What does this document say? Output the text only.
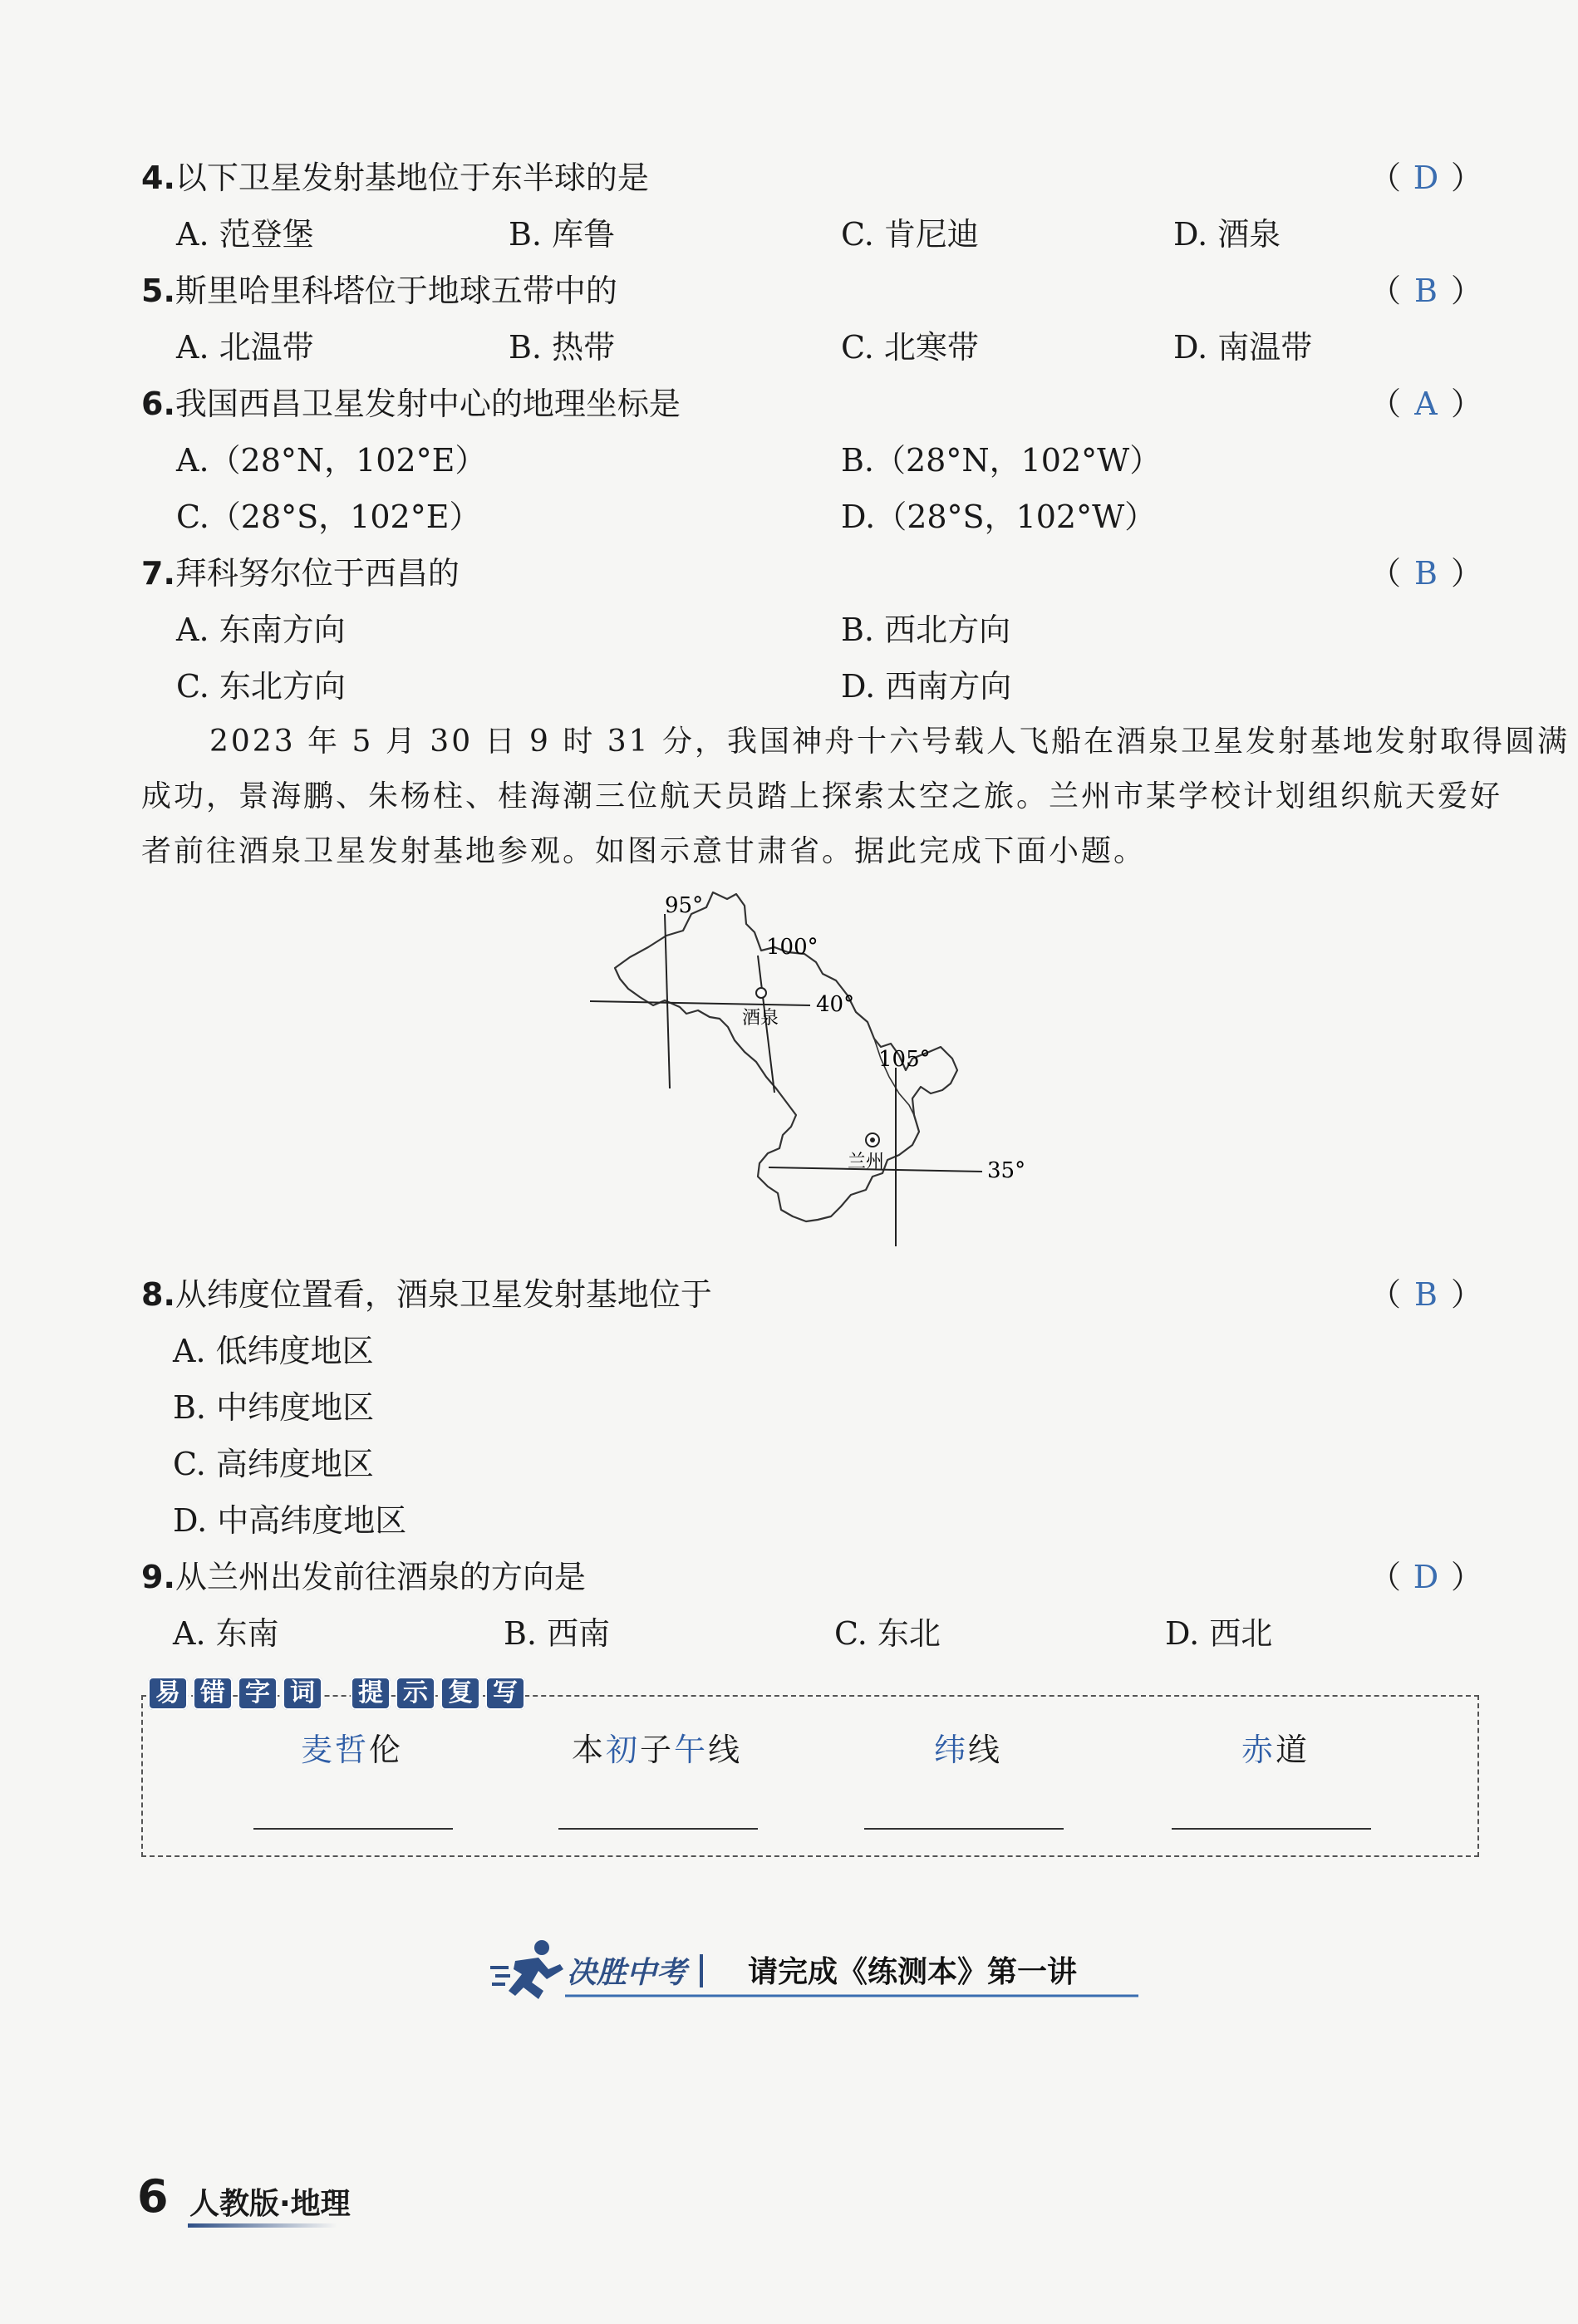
4.以下卫星发射基地位于东半球的是	（ D ）
A. 范登堡	B. 库鲁	C. 肯尼迪	D. 酒泉
5.斯里哈里科塔位于地球五带中的	（ B ）
A. 北温带	B. 热带	C. 北寒带	D. 南温带
6.我国西昌卫星发射中心的地理坐标是	（ A ）
A.（28°N，102°E）	B.（28°N，102°W）
C.（28°S，102°E）	D.（28°S，102°W）
7.拜科努尔位于西昌的	（ B ）
A. 东南方向	B. 西北方向
C. 东北方向	D. 西南方向
2023 年 5 月 30 日 9 时 31 分，我国神舟十六号载人飞船在酒泉卫星发射基地发射取得圆满
成功，景海鹏、朱杨柱、桂海潮三位航天员踏上探索太空之旅。兰州市某学校计划组织航天爱好
者前往酒泉卫星发射基地参观。如图示意甘肃省。据此完成下面小题。
95°
100°
105°
40°
35°
酒泉
兰州
8.从纬度位置看，酒泉卫星发射基地位于	（ B ）
A. 低纬度地区
B. 中纬度地区
C. 高纬度地区
D. 中高纬度地区
9.从兰州出发前往酒泉的方向是	（ D ）
A. 东南	B. 西南	C. 东北	D. 西北
易 错 字 词	提 示 复 写
麦哲伦	本初子午线	纬线	赤道
决胜中考 请完成《练测本》第一讲
6 人教版·地理
